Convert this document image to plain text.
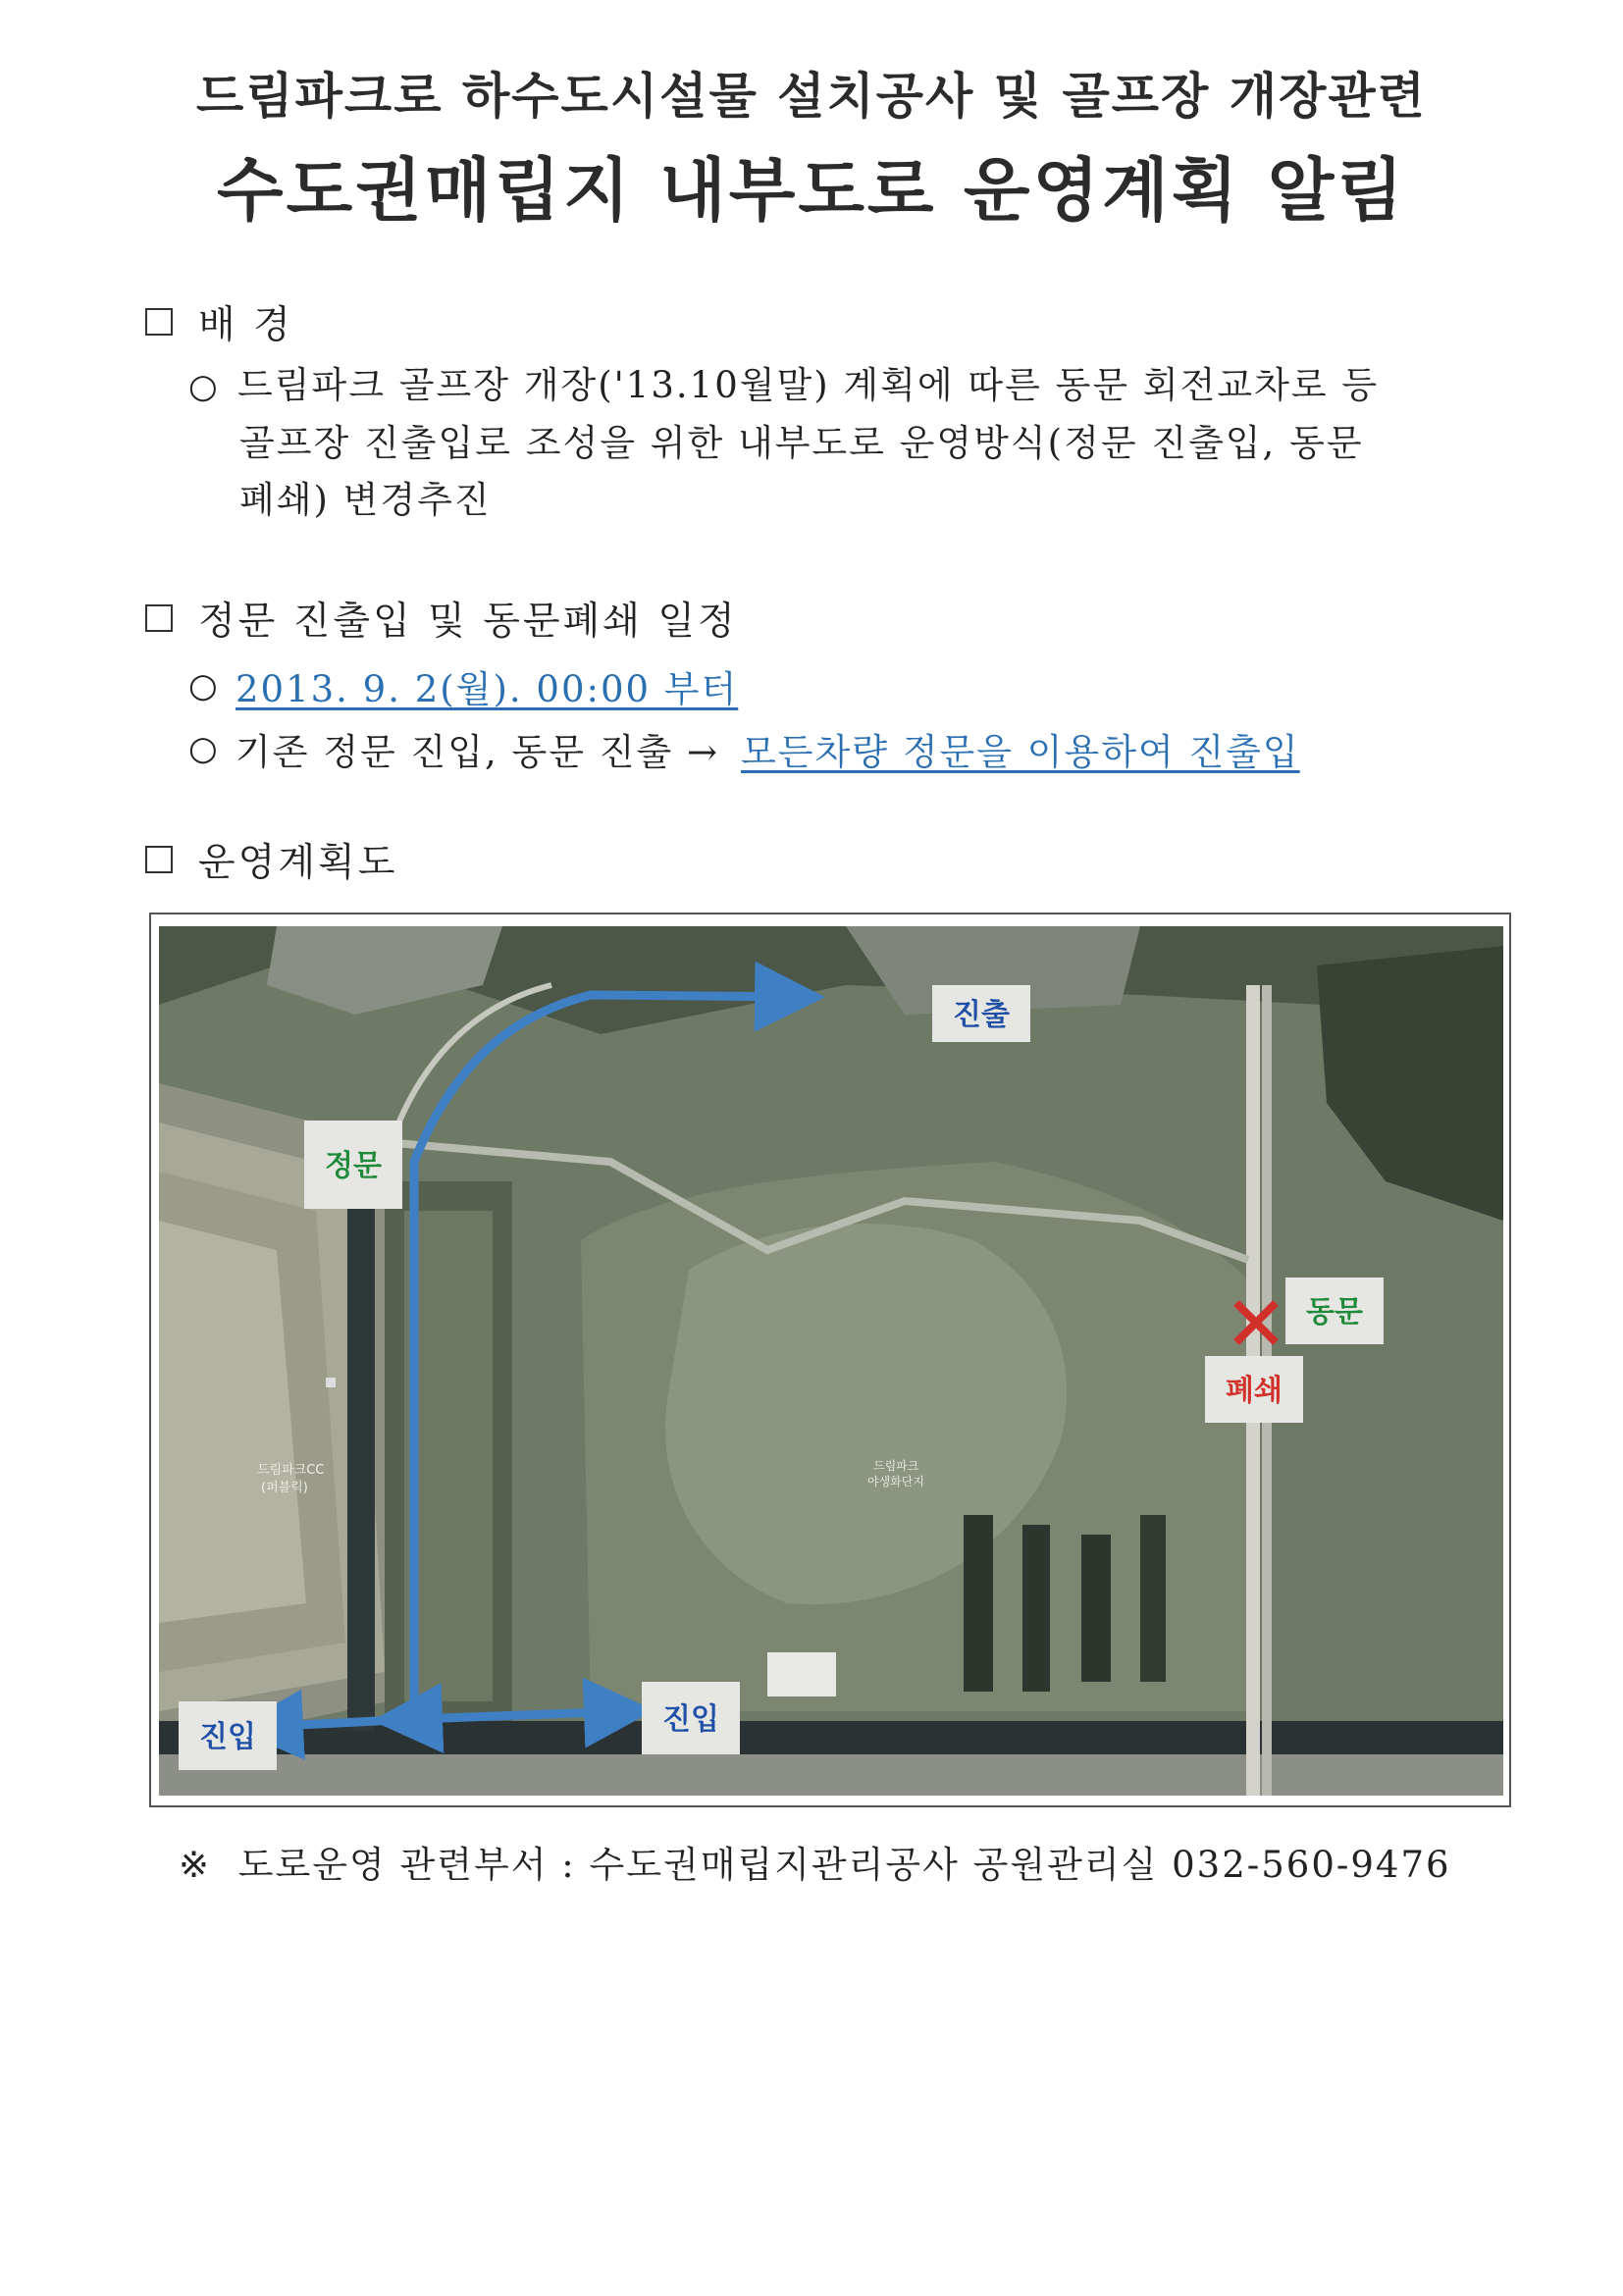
드림파크로 하수도시설물 설치공사 및 골프장 개장관련
수도권매립지 내부도로 운영계획 알림
배 경
○ 드림파크 골프장 개장('13.10월말) 계획에 따른 동문 회전교차로 등
골프장 진출입로 조성을 위한 내부도로 운영방식(정문 진출입, 동문
폐쇄) 변경추진
정문 진출입 및 동문폐쇄 일정
○ 2013. 9. 2(월). 00:00 부터
○ 기존 정문 진입, 동문 진출 → 모든차량 정문을 이용하여 진출입
운영계획도
진출
정문
동문
폐쇄
진입
진입
드림파크CC
(퍼블릭)
드림파크
야생화단지
※ 도로운영 관련부서 : 수도권매립지관리공사 공원관리실 032-560-9476
